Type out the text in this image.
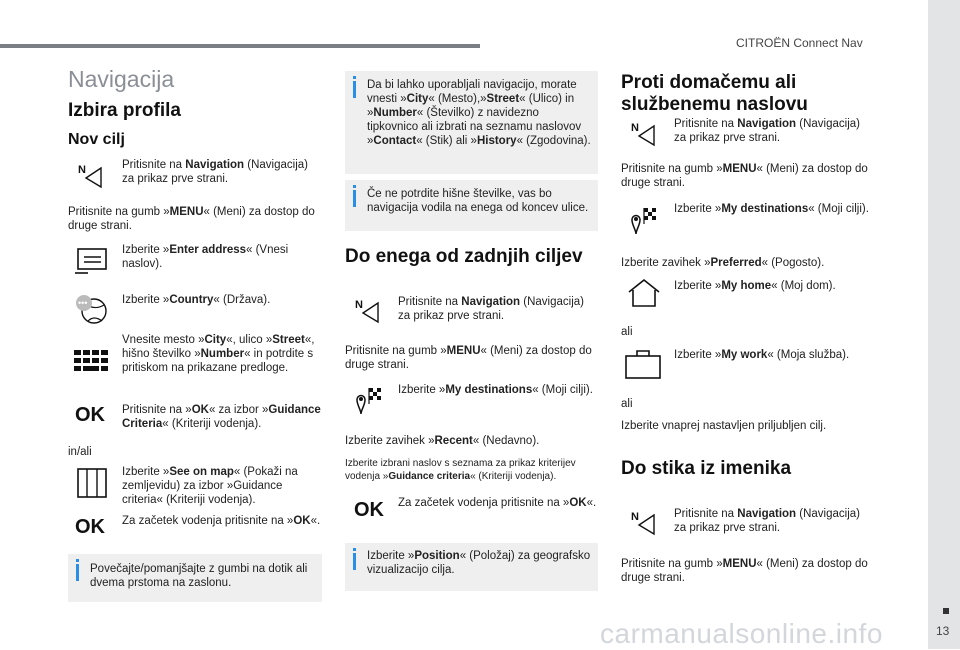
CITROËN Connect Nav
13
carmanualsonline.info
Navigacija
Izbira profila
Nov cilj
N	Pritisnite na Navigation (Navigacija) za prikaz prve strani.
Pritisnite na gumb »MENU« (Meni) za dostop do druge strani.
Izberite »Enter address« (Vnesi naslov).
•••	Izberite »Country« (Država).
Vnesite mesto »City«, ulico »Street«, hišno številko »Number« in potrdite s pritiskom na prikazane predloge.
OK Pritisnite na »OK« za izbor »Guidance Criteria« (Kriteriji vodenja).
in/ali
Izberite »See on map« (Pokaži na zemljevidu) za izbor »Guidance criteria« (Kriteriji vodenja).
OK Za začetek vodenja pritisnite na »OK«.
Povečajte/pomanjšajte z gumbi na dotik ali dvema prstoma na zaslonu.
Da bi lahko uporabljali navigacijo, morate vnesti »City« (Mesto),»Street« (Ulico) in »Number« (Številko) z navidezno tipkovnico ali izbrati na seznamu naslovov »Contact« (Stik) ali »History« (Zgodovina).
Če ne potrdite hišne številke, vas bo navigacija vodila na enega od koncev ulice.
Do enega od zadnjih ciljev
N	Pritisnite na Navigation (Navigacija) za prikaz prve strani.
Pritisnite na gumb »MENU« (Meni) za dostop do druge strani.
Izberite »My destinations« (Moji cilji).
Izberite zavihek »Recent« (Nedavno).
Izberite izbrani naslov s seznama za prikaz kriterijev vodenja »Guidance criteria« (Kriteriji vodenja).
OK Za začetek vodenja pritisnite na »OK«.
Izberite »Position« (Položaj) za geografsko vizualizacijo cilja.
Proti domačemu ali službenemu naslovu
N	Pritisnite na Navigation (Navigacija) za prikaz prve strani.
Pritisnite na gumb »MENU« (Meni) za dostop do druge strani.
Izberite »My destinations« (Moji cilji).
Izberite zavihek »Preferred« (Pogosto).
Izberite »My home« (Moj dom).
ali
Izberite »My work« (Moja služba).
ali
Izberite vnaprej nastavljen priljubljen cilj.
Do stika iz imenika
N	Pritisnite na Navigation (Navigacija) za prikaz prve strani.
Pritisnite na gumb »MENU« (Meni) za dostop do druge strani.
